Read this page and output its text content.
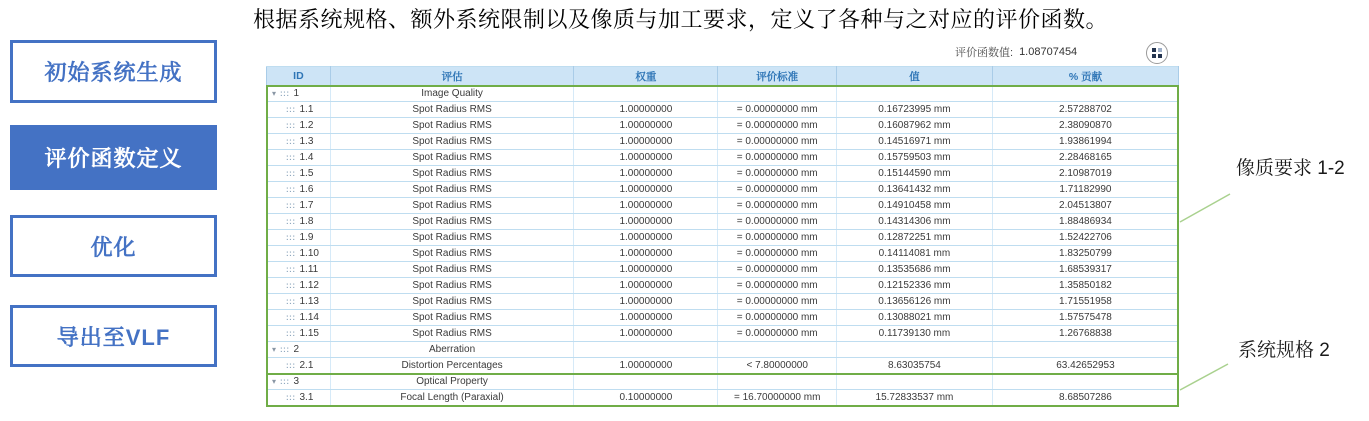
根据系统规格、额外系统限制以及像质与加工要求，定义了各种与之对应的评价函数。
初始系统生成
评价函数定义
优化
导出至VLF
评价函数值: 1.08707454
ID	评估	权重	评价标准	值	% 贡献

▾ ::: 1	Image Quality				

::: 1.1	Spot Radius RMS	1.00000000	= 0.00000000 mm	0.16723995 mm	2.57288702

::: 1.2	Spot Radius RMS	1.00000000	= 0.00000000 mm	0.16087962 mm	2.38090870

::: 1.3	Spot Radius RMS	1.00000000	= 0.00000000 mm	0.14516971 mm	1.93861994

::: 1.4	Spot Radius RMS	1.00000000	= 0.00000000 mm	0.15759503 mm	2.28468165

::: 1.5	Spot Radius RMS	1.00000000	= 0.00000000 mm	0.15144590 mm	2.10987019

::: 1.6	Spot Radius RMS	1.00000000	= 0.00000000 mm	0.13641432 mm	1.71182990

::: 1.7	Spot Radius RMS	1.00000000	= 0.00000000 mm	0.14910458 mm	2.04513807

::: 1.8	Spot Radius RMS	1.00000000	= 0.00000000 mm	0.14314306 mm	1.88486934

::: 1.9	Spot Radius RMS	1.00000000	= 0.00000000 mm	0.12872251 mm	1.52422706

::: 1.10	Spot Radius RMS	1.00000000	= 0.00000000 mm	0.14114081 mm	1.83250799

::: 1.11	Spot Radius RMS	1.00000000	= 0.00000000 mm	0.13535686 mm	1.68539317

::: 1.12	Spot Radius RMS	1.00000000	= 0.00000000 mm	0.12152336 mm	1.35850182

::: 1.13	Spot Radius RMS	1.00000000	= 0.00000000 mm	0.13656126 mm	1.71551958

::: 1.14	Spot Radius RMS	1.00000000	= 0.00000000 mm	0.13088021 mm	1.57575478

::: 1.15	Spot Radius RMS	1.00000000	= 0.00000000 mm	0.11739130 mm	1.26768838

▾ ::: 2	Aberration				

::: 2.1	Distortion Percentages	1.00000000	< 7.80000000	8.63035754	63.42652953

▾ ::: 3	Optical Property				

::: 3.1	Focal Length (Paraxial)	0.10000000	= 16.70000000 mm	15.72833537 mm	8.68507286
像质要求 1-2
系统规格 2
